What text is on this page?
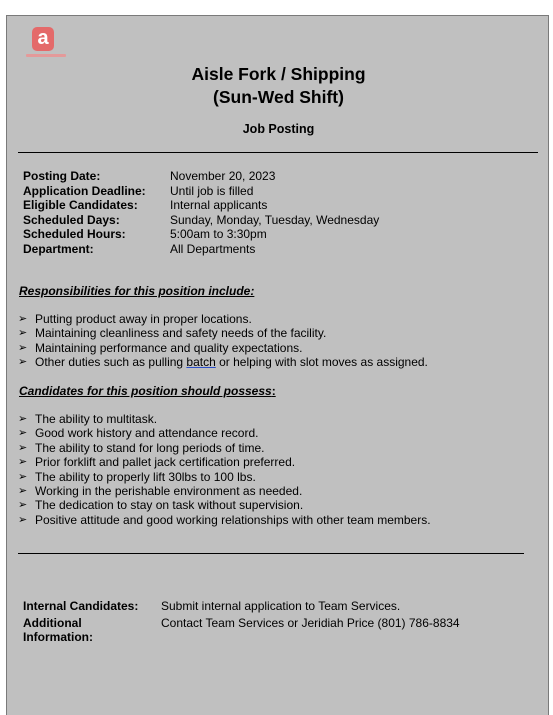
a
Aisle Fork / Shipping
(Sun-Wed Shift)
Job Posting
Posting Date:	November 20, 2023
Application Deadline:	Until job is filled
Eligible Candidates:	Internal applicants
Scheduled Days:	Sunday, Monday, Tuesday, Wednesday
Scheduled Hours:	5:00am to 3:30pm
Department:	All Departments
Responsibilities for this position include:
➢ Putting product away in proper locations.
➢ Maintaining cleanliness and safety needs of the facility.
➢ Maintaining performance and quality expectations.
➢ Other duties such as pulling batch or helping with slot moves as assigned.
Candidates for this position should possess:
➢ The ability to multitask.
➢ Good work history and attendance record.
➢ The ability to stand for long periods of time.
➢ Prior forklift and pallet jack certification preferred.
➢ The ability to properly lift 30lbs to 100 lbs.
➢ Working in the perishable environment as needed.
➢ The dedication to stay on task without supervision.
➢ Positive attitude and good working relationships with other team members.
Internal Candidates:	Submit internal application to Team Services.
Additional Information:
Contact Team Services or Jeridiah Price (801) 786-8834
